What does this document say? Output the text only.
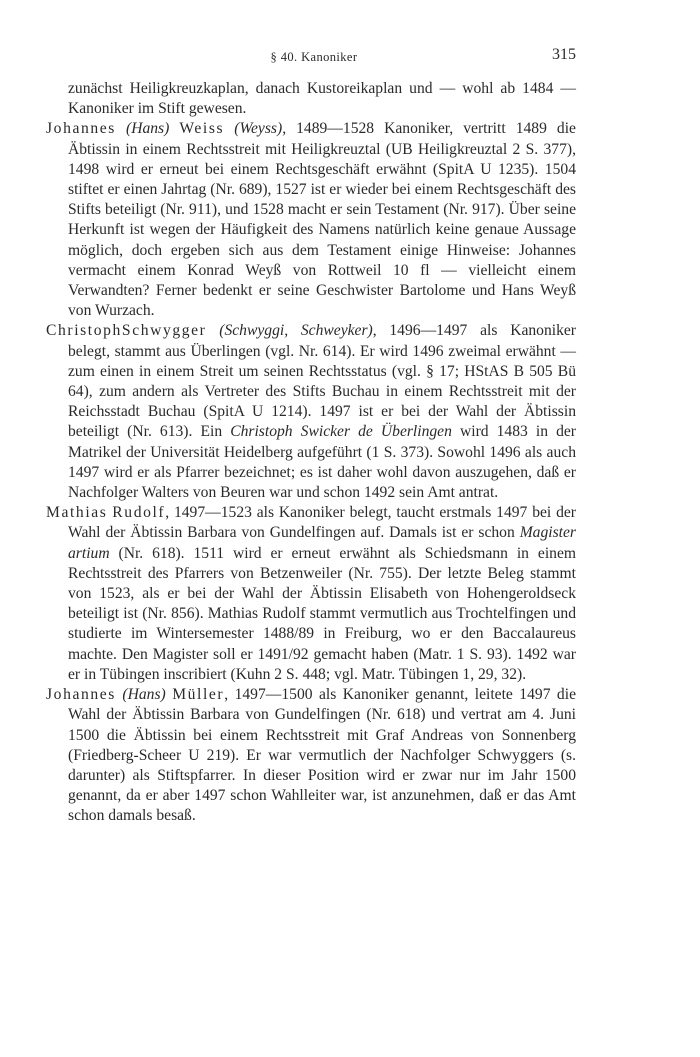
§ 40. Kanoniker	315

zunächst Heiligkreuzkaplan, danach Kustoreikaplan und — wohl ab 1484 — Kanoniker im Stift gewesen.

Johannes (Hans) Weiss (Weyss), 1489—1528 Kanoniker, vertritt 1489 die Äbtissin in einem Rechtsstreit mit Heiligkreuztal (UB Heiligkreuztal 2 S. 377), 1498 wird er erneut bei einem Rechtsgeschäft erwähnt (SpitA U 1235). 1504 stiftet er einen Jahrtag (Nr. 689), 1527 ist er wieder bei einem Rechtsgeschäft des Stifts beteiligt (Nr. 911), und 1528 macht er sein Testament (Nr. 917). Über seine Herkunft ist wegen der Häufigkeit des Namens natürlich keine genaue Aussage möglich, doch ergeben sich aus dem Testament einige Hinweise: Johannes vermacht einem Konrad Weyß von Rottweil 10 fl — vielleicht einem Verwandten? Ferner bedenkt er seine Geschwister Bartolome und Hans Weyß von Wurzach.

ChristophSchwygger (Schwyggi, Schweyker), 1496—1497 als Kanoniker belegt, stammt aus Überlingen (vgl. Nr. 614). Er wird 1496 zweimal erwähnt — zum einen in einem Streit um seinen Rechtsstatus (vgl. § 17; HStAS B 505 Bü 64), zum andern als Vertreter des Stifts Buchau in einem Rechtsstreit mit der Reichsstadt Buchau (SpitA U 1214). 1497 ist er bei der Wahl der Äbtissin beteiligt (Nr. 613). Ein Christoph Swicker de Überlingen wird 1483 in der Matrikel der Universität Heidelberg aufgeführt (1 S. 373). Sowohl 1496 als auch 1497 wird er als Pfarrer bezeichnet; es ist daher wohl davon auszugehen, daß er Nachfolger Walters von Beuren war und schon 1492 sein Amt antrat.

Mathias Rudolf, 1497—1523 als Kanoniker belegt, taucht erstmals 1497 bei der Wahl der Äbtissin Barbara von Gundelfingen auf. Damals ist er schon Magister artium (Nr. 618). 1511 wird er erneut erwähnt als Schiedsmann in einem Rechtsstreit des Pfarrers von Betzenweiler (Nr. 755). Der letzte Beleg stammt von 1523, als er bei der Wahl der Äbtissin Elisabeth von Hohengeroldseck beteiligt ist (Nr. 856). Mathias Rudolf stammt vermutlich aus Trochtelfingen und studierte im Wintersemester 1488/89 in Freiburg, wo er den Baccalaureus machte. Den Magister soll er 1491/92 gemacht haben (Matr. 1 S. 93). 1492 war er in Tübingen inscribiert (Kuhn 2 S. 448; vgl. Matr. Tübingen 1, 29, 32).

Johannes (Hans) Müller, 1497—1500 als Kanoniker genannt, leitete 1497 die Wahl der Äbtissin Barbara von Gundelfingen (Nr. 618) und vertrat am 4. Juni 1500 die Äbtissin bei einem Rechtsstreit mit Graf Andreas von Sonnenberg (Friedberg-Scheer U 219). Er war vermutlich der Nachfolger Schwyggers (s. darunter) als Stiftspfarrer. In dieser Position wird er zwar nur im Jahr 1500 genannt, da er aber 1497 schon Wahlleiter war, ist anzunehmen, daß er das Amt schon damals besaß.
